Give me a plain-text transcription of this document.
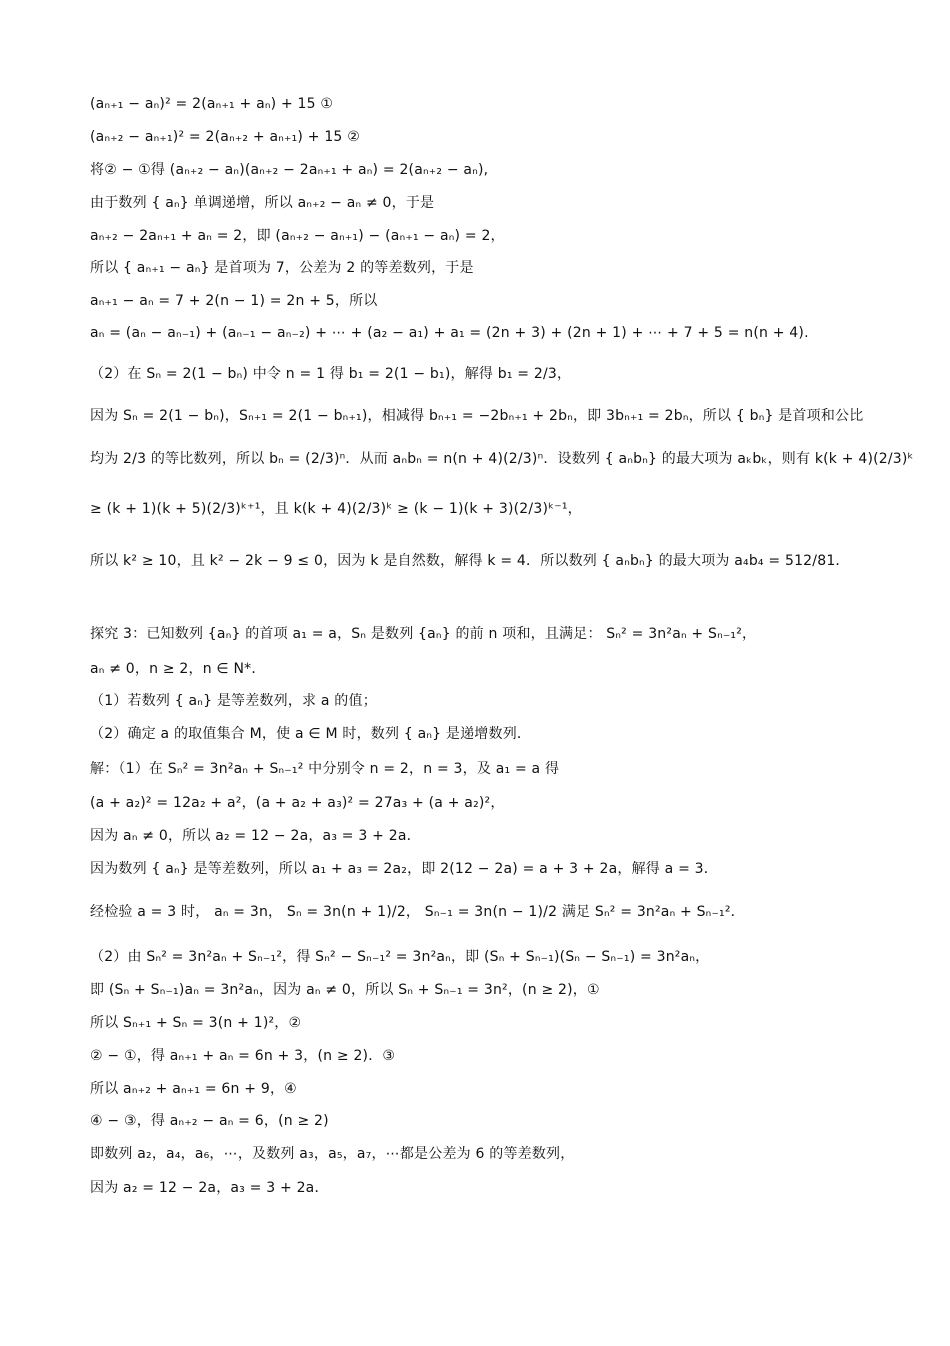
(aₙ₊₁ − aₙ)² = 2(aₙ₊₁ + aₙ) + 15 ①
(aₙ₊₂ − aₙ₊₁)² = 2(aₙ₊₂ + aₙ₊₁) + 15 ②
将② − ①得 (aₙ₊₂ − aₙ)(aₙ₊₂ − 2aₙ₊₁ + aₙ) = 2(aₙ₊₂ − aₙ),
由于数列 { aₙ} 单调递增，所以 aₙ₊₂ − aₙ ≠ 0，于是
aₙ₊₂ − 2aₙ₊₁ + aₙ = 2，即 (aₙ₊₂ − aₙ₊₁) − (aₙ₊₁ − aₙ) = 2，
所以 { aₙ₊₁ − aₙ} 是首项为 7，公差为 2 的等差数列，于是
aₙ₊₁ − aₙ = 7 + 2(n − 1) = 2n + 5，所以
aₙ = (aₙ − aₙ₋₁) + (aₙ₋₁ − aₙ₋₂) + ⋯ + (a₂ − a₁) + a₁ = (2n + 3) + (2n + 1) + ⋯ + 7 + 5 = n(n + 4).
（2）在 Sₙ = 2(1 − bₙ) 中令 n = 1 得 b₁ = 2(1 − b₁)，解得 b₁ = 2/3，
因为 Sₙ = 2(1 − bₙ)，Sₙ₊₁ = 2(1 − bₙ₊₁)，相减得 bₙ₊₁ = −2bₙ₊₁ + 2bₙ，即 3bₙ₊₁ = 2bₙ，所以 { bₙ} 是首项和公比
均为 2/3 的等比数列，所以 bₙ = (2/3)ⁿ．从而 aₙbₙ = n(n + 4)(2/3)ⁿ．设数列 { aₙbₙ} 的最大项为 aₖbₖ，则有 k(k + 4)(2/3)ᵏ
≥ (k + 1)(k + 5)(2/3)ᵏ⁺¹，且 k(k + 4)(2/3)ᵏ ≥ (k − 1)(k + 3)(2/3)ᵏ⁻¹，
所以 k² ≥ 10，且 k² − 2k − 9 ≤ 0，因为 k 是自然数，解得 k = 4．所以数列 { aₙbₙ} 的最大项为 a₄b₄ = 512/81．
探究 3：已知数列 {aₙ} 的首项 a₁ = a，Sₙ 是数列 {aₙ} 的前 n 项和，且满足： Sₙ² = 3n²aₙ + Sₙ₋₁²，
aₙ ≠ 0，n ≥ 2，n ∈ N*．
（1）若数列 { aₙ} 是等差数列，求 a 的值；
（2）确定 a 的取值集合 M，使 a ∈ M 时，数列 { aₙ} 是递增数列．
解：（1）在 Sₙ² = 3n²aₙ + Sₙ₋₁² 中分别令 n = 2，n = 3，及 a₁ = a 得
(a + a₂)² = 12a₂ + a²，(a + a₂ + a₃)² = 27a₃ + (a + a₂)²，
因为 aₙ ≠ 0，所以 a₂ = 12 − 2a，a₃ = 3 + 2a．
因为数列 { aₙ} 是等差数列，所以 a₁ + a₃ = 2a₂，即 2(12 − 2a) = a + 3 + 2a，解得 a = 3．
经检验 a = 3 时， aₙ = 3n， Sₙ = 3n(n + 1)/2， Sₙ₋₁ = 3n(n − 1)/2 满足 Sₙ² = 3n²aₙ + Sₙ₋₁²．
（2）由 Sₙ² = 3n²aₙ + Sₙ₋₁²，得 Sₙ² − Sₙ₋₁² = 3n²aₙ，即 (Sₙ + Sₙ₋₁)(Sₙ − Sₙ₋₁) = 3n²aₙ，
即 (Sₙ + Sₙ₋₁)aₙ = 3n²aₙ，因为 aₙ ≠ 0，所以 Sₙ + Sₙ₋₁ = 3n²，(n ≥ 2)，①
所以 Sₙ₊₁ + Sₙ = 3(n + 1)²，②
② − ①，得 aₙ₊₁ + aₙ = 6n + 3，(n ≥ 2)．③
所以 aₙ₊₂ + aₙ₊₁ = 6n + 9，④
④ − ③，得 aₙ₊₂ − aₙ = 6，(n ≥ 2)
即数列 a₂，a₄，a₆，⋯，及数列 a₃，a₅，a₇，⋯都是公差为 6 的等差数列，
因为 a₂ = 12 − 2a，a₃ = 3 + 2a．
